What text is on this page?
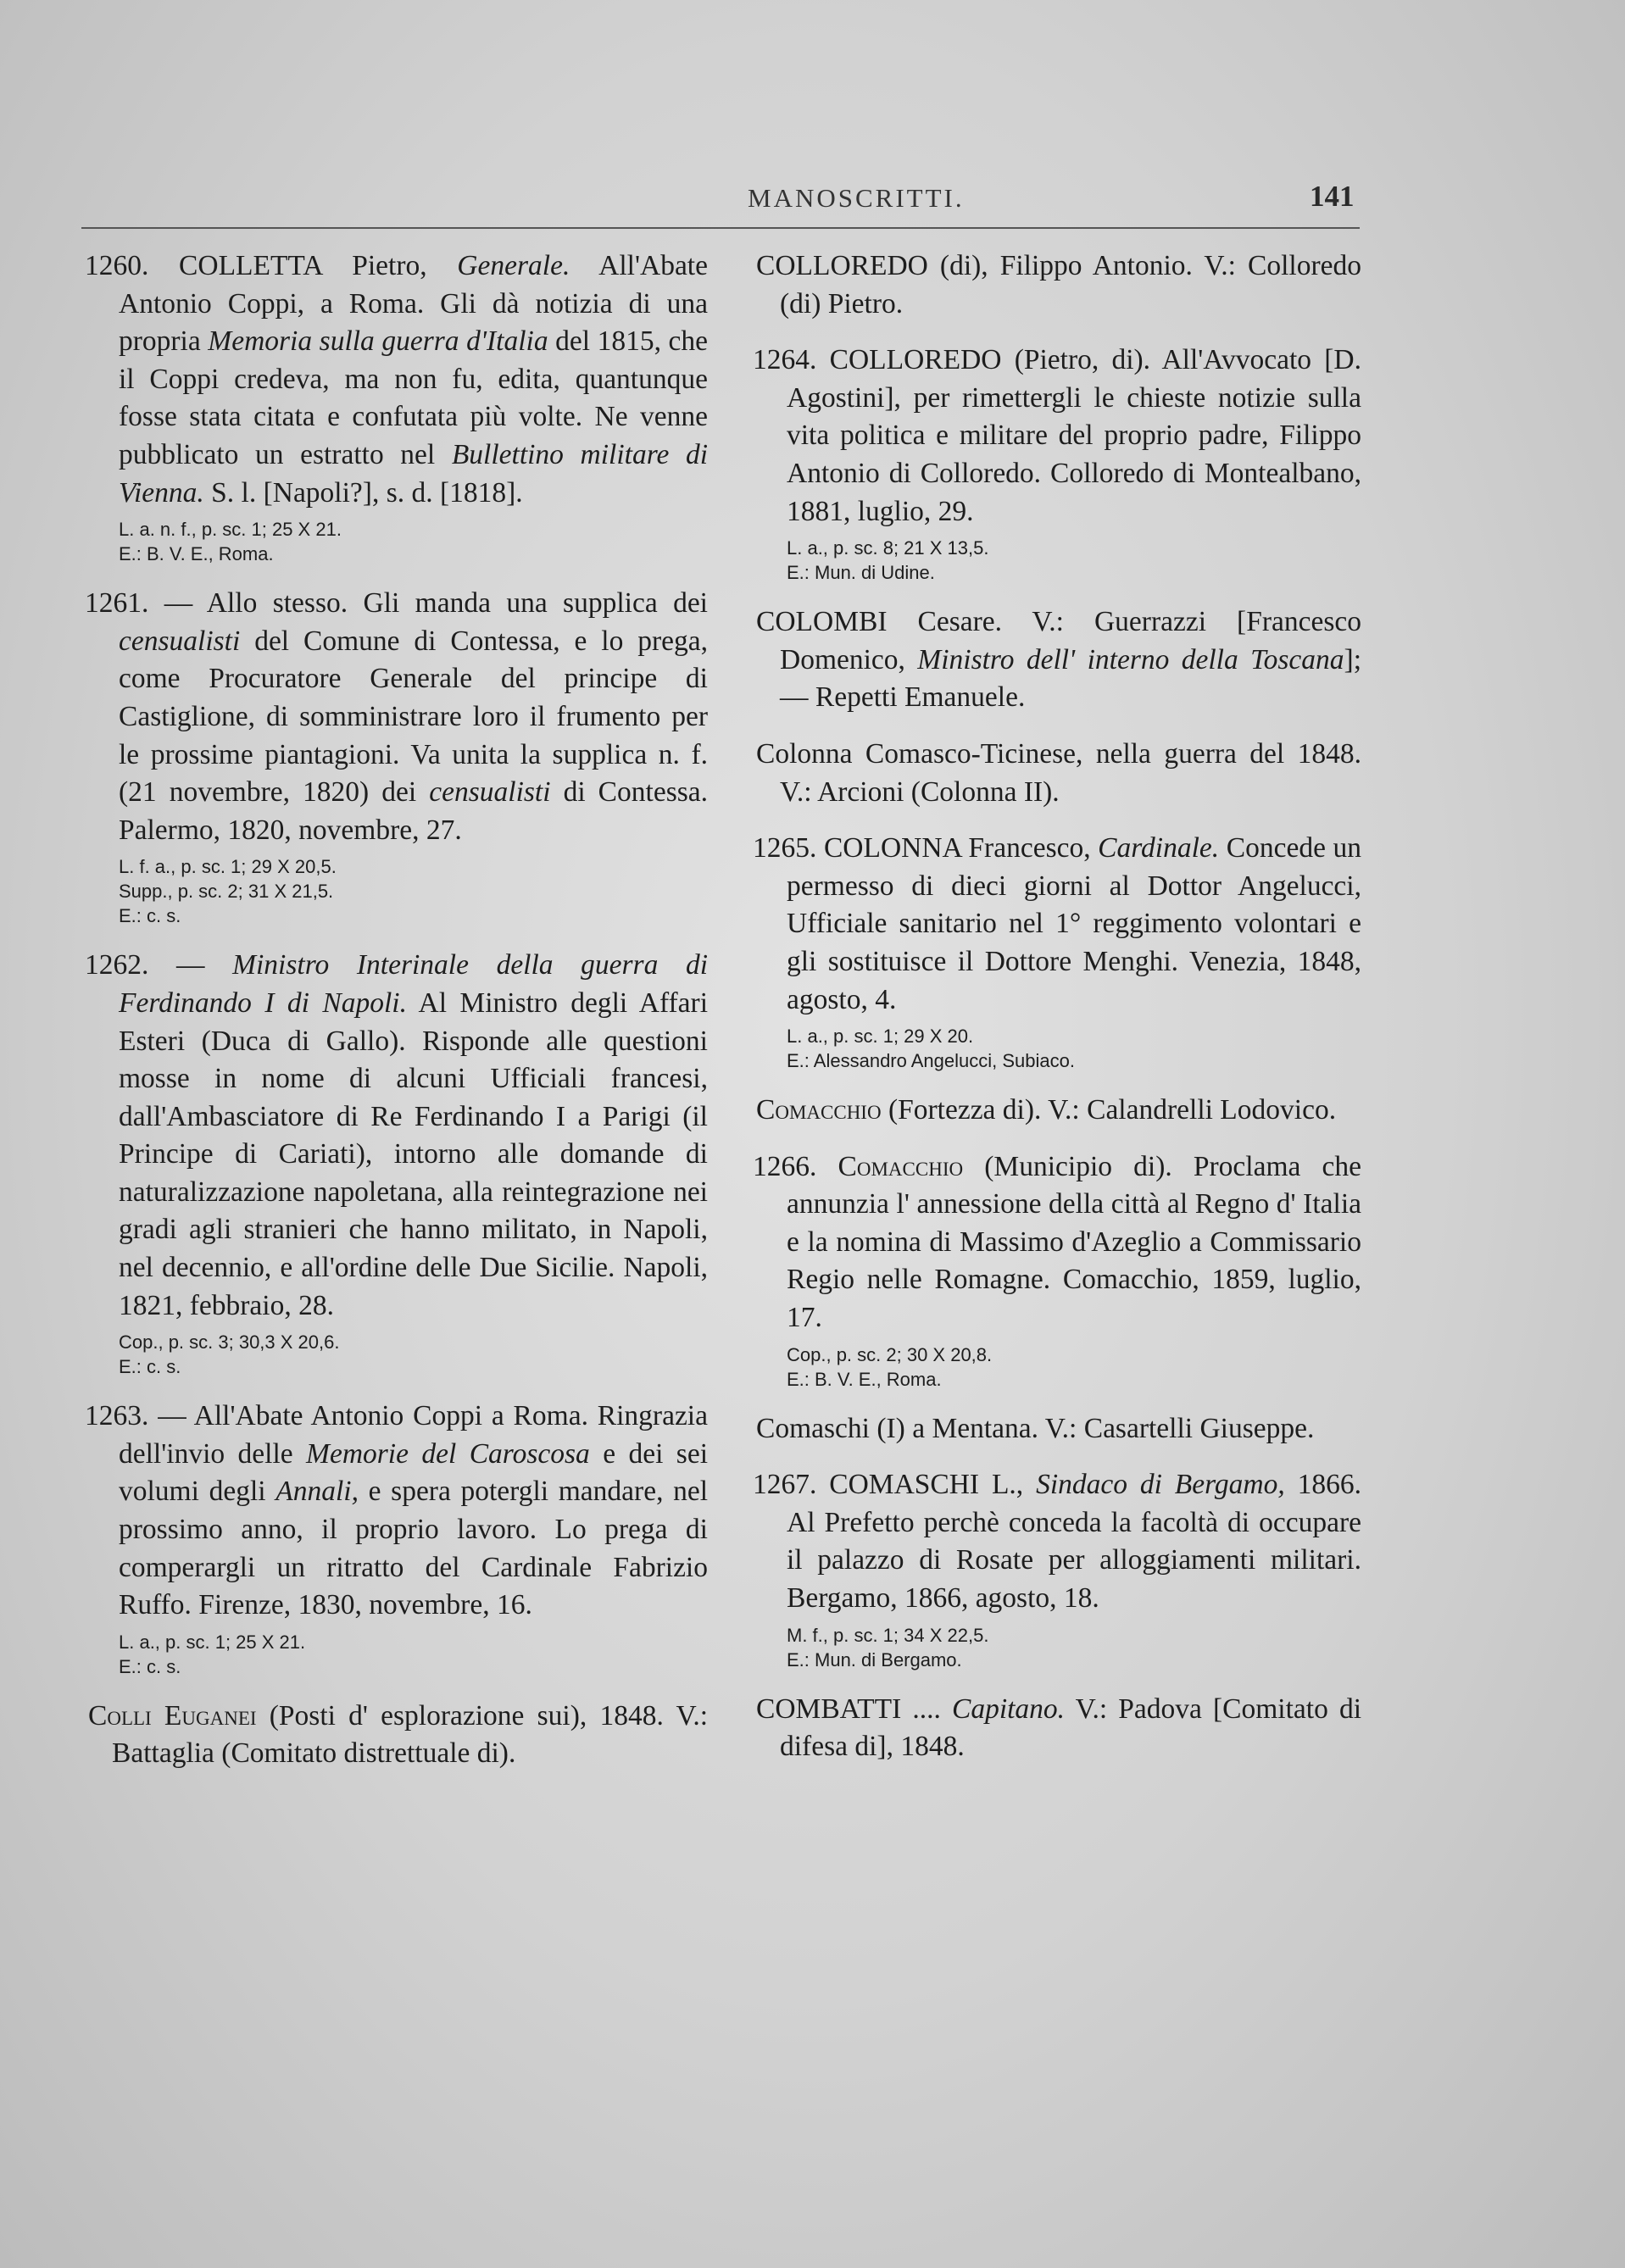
MANOSCRITTI.	141

1260. COLLETTA Pietro, Generale. All'Abate Antonio Coppi, a Roma. Gli dà notizia di una propria Memoria sulla guerra d'Italia del 1815, che il Coppi credeva, ma non fu, edita, quantunque fosse stata citata e confutata più volte. Ne venne pubblicato un estratto nel Bullettino militare di Vienna. S. l. [Napoli?], s. d. [1818].

L. a. n. f., p. sc. 1; 25 X 21.
E.: B. V. E., Roma.

1261. — Allo stesso. Gli manda una supplica dei censualisti del Comune di Contessa, e lo prega, come Procuratore Generale del principe di Castiglione, di somministrare loro il frumento per le prossime piantagioni. Va unita la supplica n. f. (21 novembre, 1820) dei censualisti di Contessa. Palermo, 1820, novembre, 27.

L. f. a., p. sc. 1; 29 X 20,5.
Supp., p. sc. 2; 31 X 21,5.
E.: c. s.

1262. — Ministro Interinale della guerra di Ferdinando I di Napoli. Al Ministro degli Affari Esteri (Duca di Gallo). Risponde alle questioni mosse in nome di alcuni Ufficiali francesi, dall'Ambasciatore di Re Ferdinando I a Parigi (il Principe di Cariati), intorno alle domande di naturalizzazione napoletana, alla reintegrazione nei gradi agli stranieri che hanno militato, in Napoli, nel decennio, e all'ordine delle Due Sicilie. Napoli, 1821, febbraio, 28.

Cop., p. sc. 3; 30,3 X 20,6.
E.: c. s.

1263. — All'Abate Antonio Coppi a Roma. Ringrazia dell'invio delle Memorie del Caroscosa e dei sei volumi degli Annali, e spera potergli mandare, nel prossimo anno, il proprio lavoro. Lo prega di comperargli un ritratto del Cardinale Fabrizio Ruffo. Firenze, 1830, novembre, 16.

L. a., p. sc. 1; 25 X 21.
E.: c. s.

Colli Euganei (Posti d' esplorazione sui), 1848. V.: Battaglia (Comitato distrettuale di).

COLLOREDO (di), Filippo Antonio. V.: Colloredo (di) Pietro.

1264. COLLOREDO (Pietro, di). All'Avvocato [D. Agostini], per rimettergli le chieste notizie sulla vita politica e militare del proprio padre, Filippo Antonio di Colloredo. Colloredo di Montealbano, 1881, luglio, 29.

L. a., p. sc. 8; 21 X 13,5.
E.: Mun. di Udine.

COLOMBI Cesare. V.: Guerrazzi [Francesco Domenico, Ministro dell' interno della Toscana]; — Repetti Emanuele.

Colonna Comasco-Ticinese, nella guerra del 1848. V.: Arcioni (Colonna II).

1265. COLONNA Francesco, Cardinale. Concede un permesso di dieci giorni al Dottor Angelucci, Ufficiale sanitario nel 1° reggimento volontari e gli sostituisce il Dottore Menghi. Venezia, 1848, agosto, 4.

L. a., p. sc. 1; 29 X 20.
E.: Alessandro Angelucci, Subiaco.

Comacchio (Fortezza di). V.: Calandrelli Lodovico.

1266. Comacchio (Municipio di). Proclama che annunzia l' annessione della città al Regno d' Italia e la nomina di Massimo d'Azeglio a Commissario Regio nelle Romagne. Comacchio, 1859, luglio, 17.

Cop., p. sc. 2; 30 X 20,8.
E.: B. V. E., Roma.

Comaschi (I) a Mentana. V.: Casartelli Giuseppe.

1267. COMASCHI L., Sindaco di Bergamo, 1866. Al Prefetto perchè conceda la facoltà di occupare il palazzo di Rosate per alloggiamenti militari. Bergamo, 1866, agosto, 18.

M. f., p. sc. 1; 34 X 22,5.
E.: Mun. di Bergamo.

COMBATTI .... Capitano. V.: Padova [Comitato di difesa di], 1848.
